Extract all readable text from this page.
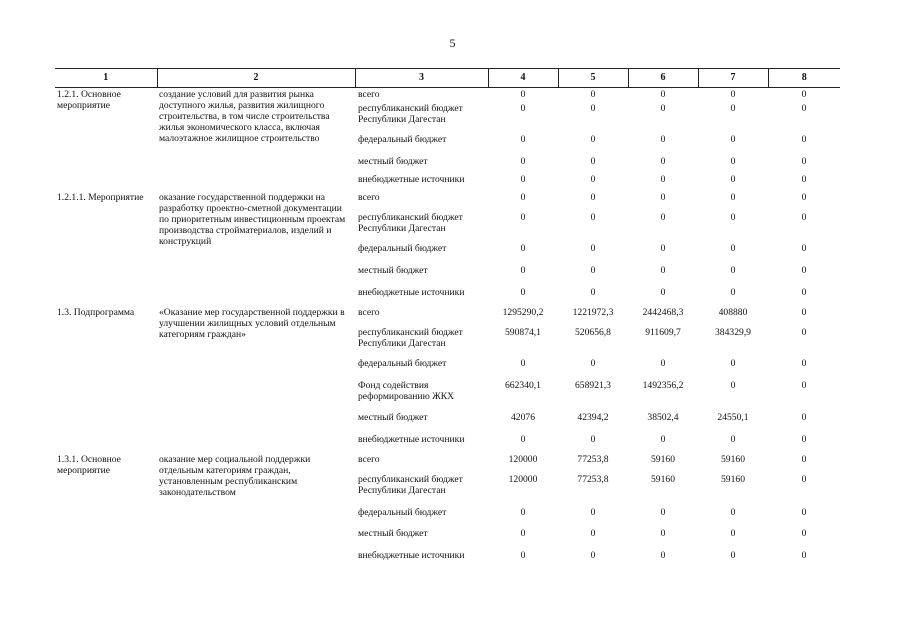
5
1	2	3	4	5	6	7	8
1.2.1. Основное мероприятие	создание условий для развития рынка доступного жилья, развития жилищного строительства, в том числе строительства жилья экономического класса, включая малоэтажное жилищное строительство	всего	0	0	0	0	0
		республиканский бюджет Республики Дагестан	0	0	0	0	0
		федеральный бюджет	0	0	0	0	0
		местный бюджет	0	0	0	0	0
		внебюджетные источники	0	0	0	0	0
1.2.1.1. Мероприятие	оказание государственной поддержки на разработку проектно-сметной документации по приоритетным инвестиционным проектам производства стройматериалов, изделий и конструкций	всего	0	0	0	0	0
		республиканский бюджет Республики Дагестан	0	0	0	0	0
		федеральный бюджет	0	0	0	0	0
		местный бюджет	0	0	0	0	0
		внебюджетные источники	0	0	0	0	0
1.3. Подпрограмма	«Оказание мер государственной поддержки в улучшении жилищных условий отдельным категориям граждан»	всего	1295290,2	1221972,3	2442468,3	408880	0
		республиканский бюджет Республики Дагестан	590874,1	520656,8	911609,7	384329,9	0
		федеральный бюджет	0	0	0	0	0
		Фонд содействия реформированию ЖКХ	662340,1	658921,3	1492356,2	0	0
		местный бюджет	42076	42394,2	38502,4	24550,1	0
		внебюджетные источники	0	0	0	0	0
1.3.1. Основное мероприятие	оказание мер социальной поддержки отдельным категориям граждан, установленным республиканским законодательством	всего	120000	77253,8	59160	59160	0
		республиканский бюджет Республики Дагестан	120000	77253,8	59160	59160	0
		федеральный бюджет	0	0	0	0	0
		местный бюджет	0	0	0	0	0
		внебюджетные источники	0	0	0	0	0
